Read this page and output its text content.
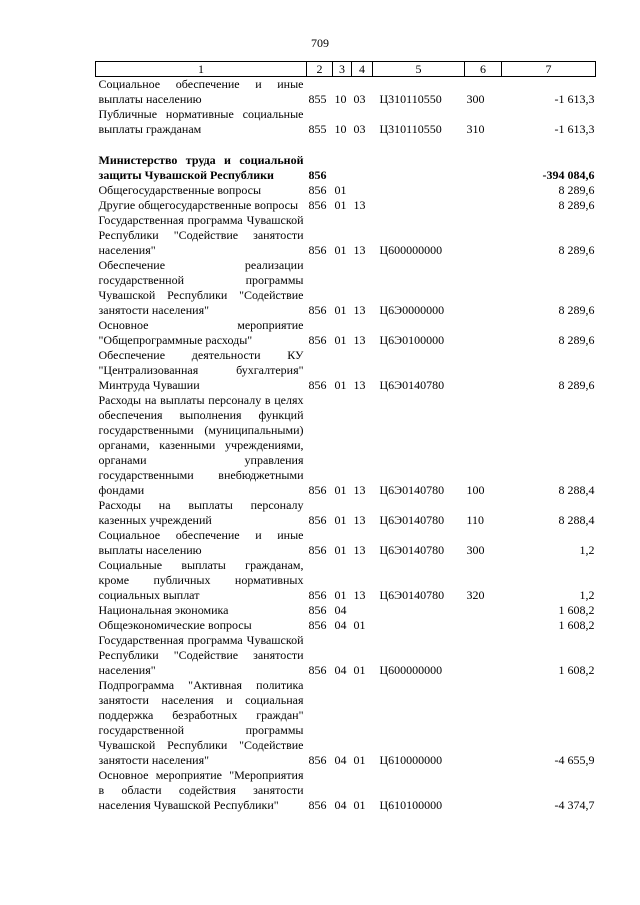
709
1	2	3	4	5	6	7
Социальное обеспечение и иные выплаты населению	855	10	03	Ц310110550	300	-1 613,3
Публичные нормативные социальные выплаты гражданам	855	10	03	Ц310110550	310	-1 613,3

Министерство труда и социальной защиты Чувашской Республики	856					-394 084,6
Общегосударственные вопросы	856	01				8 289,6
Другие общегосударственные вопросы	856	01	13			8 289,6
Государственная программа Чувашской Республики "Содействие занятости населения"	856	01	13	Ц600000000		8 289,6
Обеспечение реализации государственной программы Чувашской Республики "Содействие занятости населения"	856	01	13	Ц6Э0000000		8 289,6
Основное мероприятие "Общепрограммные расходы"	856	01	13	Ц6Э0100000		8 289,6
Обеспечение деятельности КУ "Централизованная бухгалтерия" Минтруда Чувашии	856	01	13	Ц6Э0140780		8 289,6
Расходы на выплаты персоналу в целях обеспечения выполнения функций государственными (муниципальными) органами, казенными учреждениями, органами управления государственными внебюджетными фондами	856	01	13	Ц6Э0140780	100	8 288,4
Расходы на выплаты персоналу казенных учреждений	856	01	13	Ц6Э0140780	110	8 288,4
Социальное обеспечение и иные выплаты населению	856	01	13	Ц6Э0140780	300	1,2
Социальные выплаты гражданам, кроме публичных нормативных социальных выплат	856	01	13	Ц6Э0140780	320	1,2
Национальная экономика	856	04				1 608,2
Общеэкономические вопросы	856	04	01			1 608,2
Государственная программа Чувашской Республики "Содействие занятости населения"	856	04	01	Ц600000000		1 608,2
Подпрограмма "Активная политика занятости населения и социальная поддержка безработных граждан" государственной программы Чувашской Республики "Содействие занятости населения"	856	04	01	Ц610000000		-4 655,9
Основное мероприятие "Мероприятия в области содействия занятости населения Чувашской Республики"	856	04	01	Ц610100000		-4 374,7
